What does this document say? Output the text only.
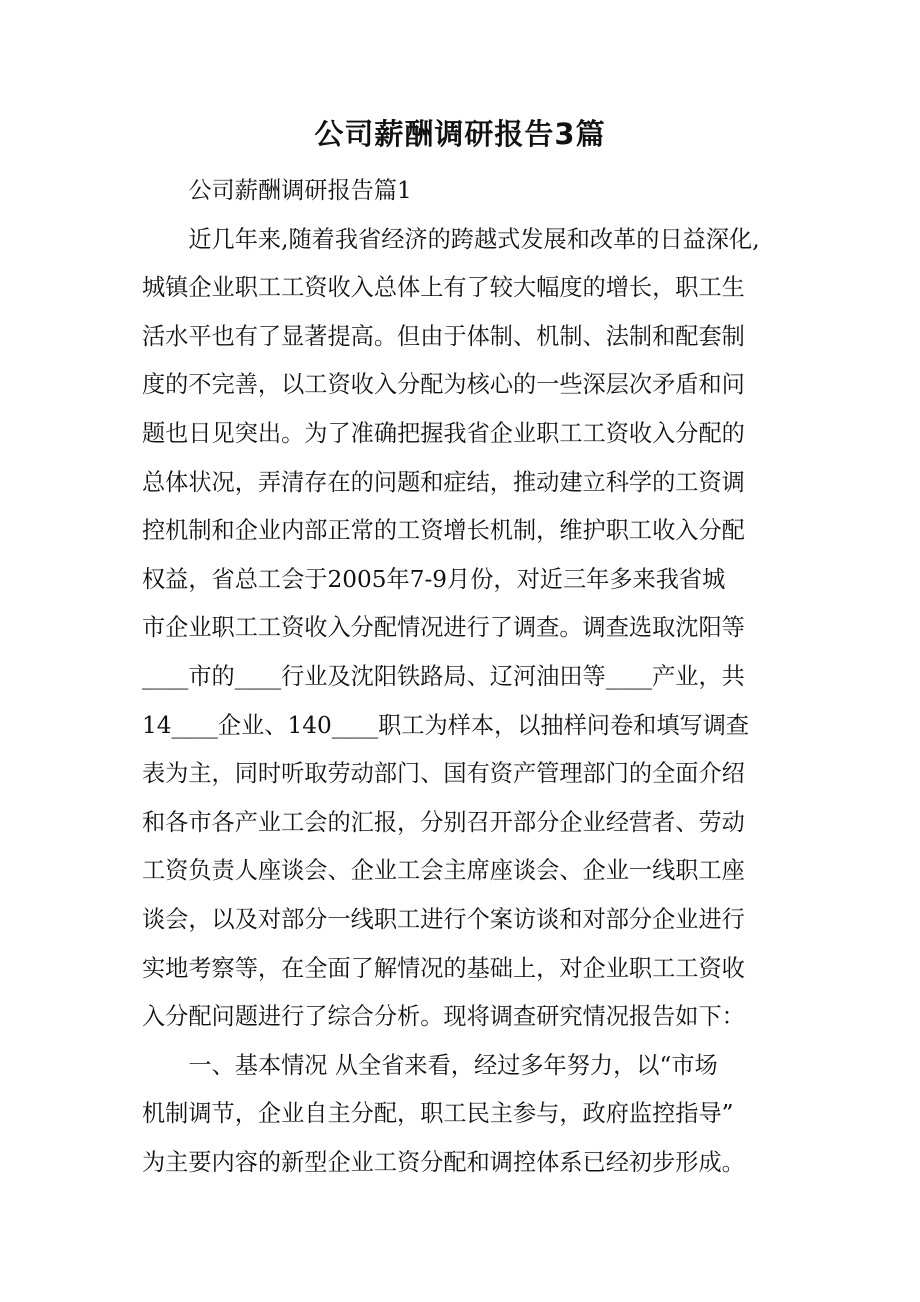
公司薪酬调研报告3篇
　　公司薪酬调研报告篇1
　　近几年来,随着我省经济的跨越式发展和改革的日益深化,
城镇企业职工工资收入总体上有了较大幅度的增长，职工生
活水平也有了显著提高。但由于体制、机制、法制和配套制
度的不完善，以工资收入分配为核心的一些深层次矛盾和问
题也日见突出。为了准确把握我省企业职工工资收入分配的
总体状况，弄清存在的问题和症结，推动建立科学的工资调
控机制和企业内部正常的工资增长机制，维护职工收入分配
权益，省总工会于2005年7-9月份，对近三年多来我省城
市企业职工工资收入分配情况进行了调查。调查选取沈阳等
____市的____行业及沈阳铁路局、辽河油田等____产业，共
14____企业、140____职工为样本，以抽样问卷和填写调查
表为主，同时听取劳动部门、国有资产管理部门的全面介绍
和各市各产业工会的汇报，分别召开部分企业经营者、劳动
工资负责人座谈会、企业工会主席座谈会、企业一线职工座
谈会，以及对部分一线职工进行个案访谈和对部分企业进行
实地考察等，在全面了解情况的基础上，对企业职工工资收
入分配问题进行了综合分析。现将调查研究情况报告如下：
　　一、基本情况 从全省来看，经过多年努力，以“市场
机制调节，企业自主分配，职工民主参与，政府监控指导”
为主要内容的新型企业工资分配和调控体系已经初步形成。
